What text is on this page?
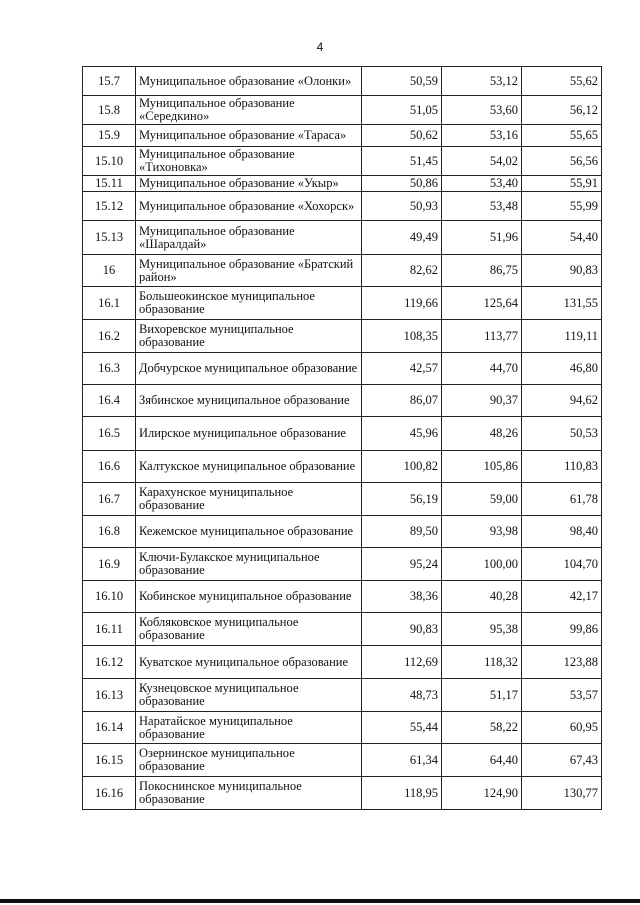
4
15.7	Муниципальное образование «Олонки»	50,59	53,12	55,62
15.8	Муниципальное образование «Середкино»	51,05	53,60	56,12
15.9	Муниципальное образование «Тараса»	50,62	53,16	55,65
15.10	Муниципальное образование «Тихоновка»	51,45	54,02	56,56
15.11	Муниципальное образование «Укыр»	50,86	53,40	55,91
15.12	Муниципальное образование «Хохорск»	50,93	53,48	55,99
15.13	Муниципальное образование «Шаралдай»	49,49	51,96	54,40
16	Муниципальное образование «Братский район»	82,62	86,75	90,83
16.1	Большеокинское муниципальное образование	119,66	125,64	131,55
16.2	Вихоревское муниципальное образование	108,35	113,77	119,11
16.3	Добчурское муниципальное образование	42,57	44,70	46,80
16.4	Зябинское муниципальное образование	86,07	90,37	94,62
16.5	Илирское муниципальное образование	45,96	48,26	50,53
16.6	Калтукское муниципальное образование	100,82	105,86	110,83
16.7	Карахунское муниципальное образование	56,19	59,00	61,78
16.8	Кежемское муниципальное образование	89,50	93,98	98,40
16.9	Ключи-Булакское муниципальное образование	95,24	100,00	104,70
16.10	Кобинское муниципальное образование	38,36	40,28	42,17
16.11	Кобляковское муниципальное образование	90,83	95,38	99,86
16.12	Куватское муниципальное образование	112,69	118,32	123,88
16.13	Кузнецовское муниципальное образование	48,73	51,17	53,57
16.14	Наратайское муниципальное образование	55,44	58,22	60,95
16.15	Озернинское муниципальное образование	61,34	64,40	67,43
16.16	Покоснинское муниципальное образование	118,95	124,90	130,77
